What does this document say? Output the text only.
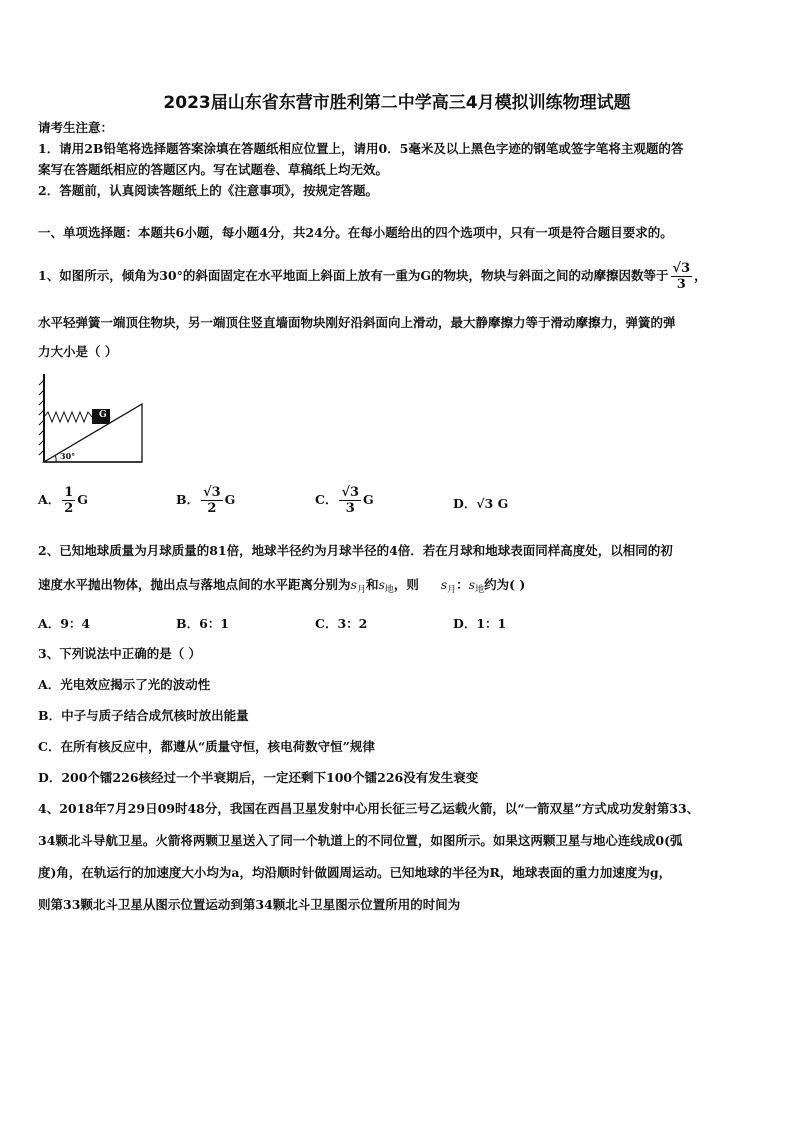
2023届山东省东营市胜利第二中学高三4月模拟训练物理试题
请考生注意：
1．请用2B铅笔将选择题答案涂填在答题纸相应位置上，请用0．5毫米及以上黑色字迹的钢笔或签字笔将主观题的答
案写在答题纸相应的答题区内。写在试题卷、草稿纸上均无效。
2．答题前，认真阅读答题纸上的《注意事项》，按规定答题。
一、单项选择题：本题共6小题，每小题4分，共24分。在每小题给出的四个选项中，只有一项是符合题目要求的。
1、如图所示，倾角为30°的斜面固定在水平地面上斜面上放有一重为G的物块，物块与斜面之间的动摩擦因数等于 $\frac{√3}{3}$ ，
水平轻弹簧一端顶住物块，另一端顶住竖直墙面物块刚好沿斜面向上滑动，最大静摩擦力等于滑动摩擦力，弹簧的弹
力大小是（ ）
G
30°
A． $\frac{1}{2}$ G	B． $\frac{√3}{2}$ G	C． $\frac{√3}{3}$ G	D．√3 G
2、已知地球质量为月球质量的81倍，地球半径约为月球半径的4倍．若在月球和地球表面同样高度处，以相同的初
速度水平抛出物体，抛出点与落地点间的水平距离分别为$s_月$和$s_地$，则 $s_月$：$s_地$约为( )
A．9：4	B．6：1	C．3：2	D．1：1
3、下列说法中正确的是（ ）
A．光电效应揭示了光的波动性
B．中子与质子结合成氘核时放出能量
C．在所有核反应中，都遵从“质量守恒，核电荷数守恒”规律
D．200个镭226核经过一个半衰期后，一定还剩下100个镭226没有发生衰变
4、2018年7月29日09时48分，我国在西昌卫星发射中心用长征三号乙运载火箭，以“一箭双星”方式成功发射第33、
34颗北斗导航卫星。火箭将两颗卫星送入了同一个轨道上的不同位置，如图所示。如果这两颗卫星与地心连线成0(弧
度)角，在轨运行的加速度大小均为a，均沿顺时针做圆周运动。已知地球的半径为R，地球表面的重力加速度为g，
则第33颗北斗卫星从图示位置运动到第34颗北斗卫星图示位置所用的时间为
